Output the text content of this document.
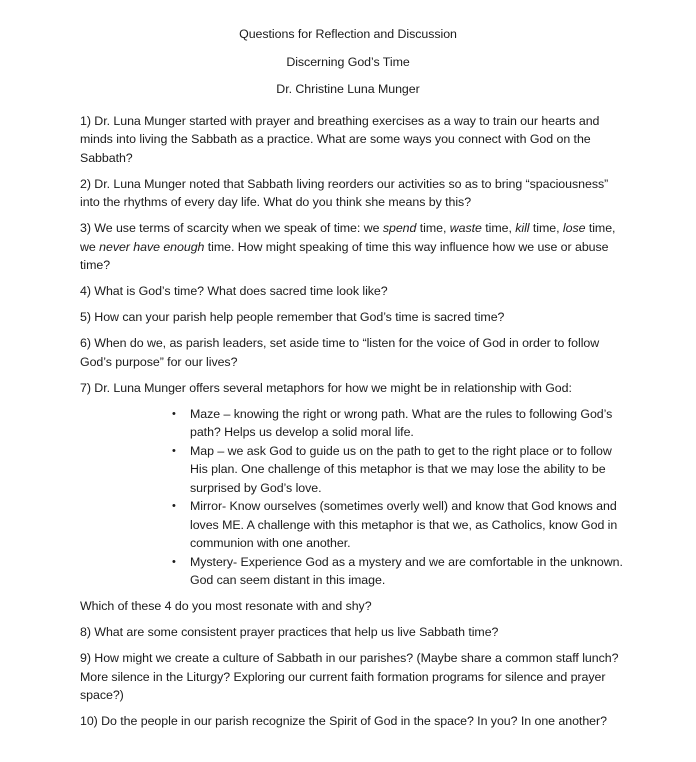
Questions for Reflection and Discussion

Discerning God’s Time

Dr. Christine Luna Munger

1) Dr. Luna Munger started with prayer and breathing exercises as a way to train our hearts and minds into living the Sabbath as a practice. What are some ways you connect with God on the Sabbath?

2) Dr. Luna Munger noted that Sabbath living reorders our activities so as to bring “spaciousness” into the rhythms of every day life. What do you think she means by this?

3) We use terms of scarcity when we speak of time: we spend time, waste time, kill time, lose time, we never have enough time. How might speaking of time this way influence how we use or abuse time?

4) What is God’s time? What does sacred time look like?

5) How can your parish help people remember that God’s time is sacred time?

6) When do we, as parish leaders, set aside time to “listen for the voice of God in order to follow God’s purpose” for our lives?

7) Dr. Luna Munger offers several metaphors for how we might be in relationship with God:

•	Maze – knowing the right or wrong path. What are the rules to following God’s path? Helps us develop a solid moral life.
•	Map – we ask God to guide us on the path to get to the right place or to follow His plan. One challenge of this metaphor is that we may lose the ability to be surprised by God’s love.
•	Mirror- Know ourselves (sometimes overly well) and know that God knows and loves ME. A challenge with this metaphor is that we, as Catholics, know God in communion with one another.
•	Mystery- Experience God as a mystery and we are comfortable in the unknown. God can seem distant in this image.

Which of these 4 do you most resonate with and shy?

8) What are some consistent prayer practices that help us live Sabbath time?

9) How might we create a culture of Sabbath in our parishes? (Maybe share a common staff lunch? More silence in the Liturgy? Exploring our current faith formation programs for silence and prayer space?)

10) Do the people in our parish recognize the Spirit of God in the space? In you? In one another?
